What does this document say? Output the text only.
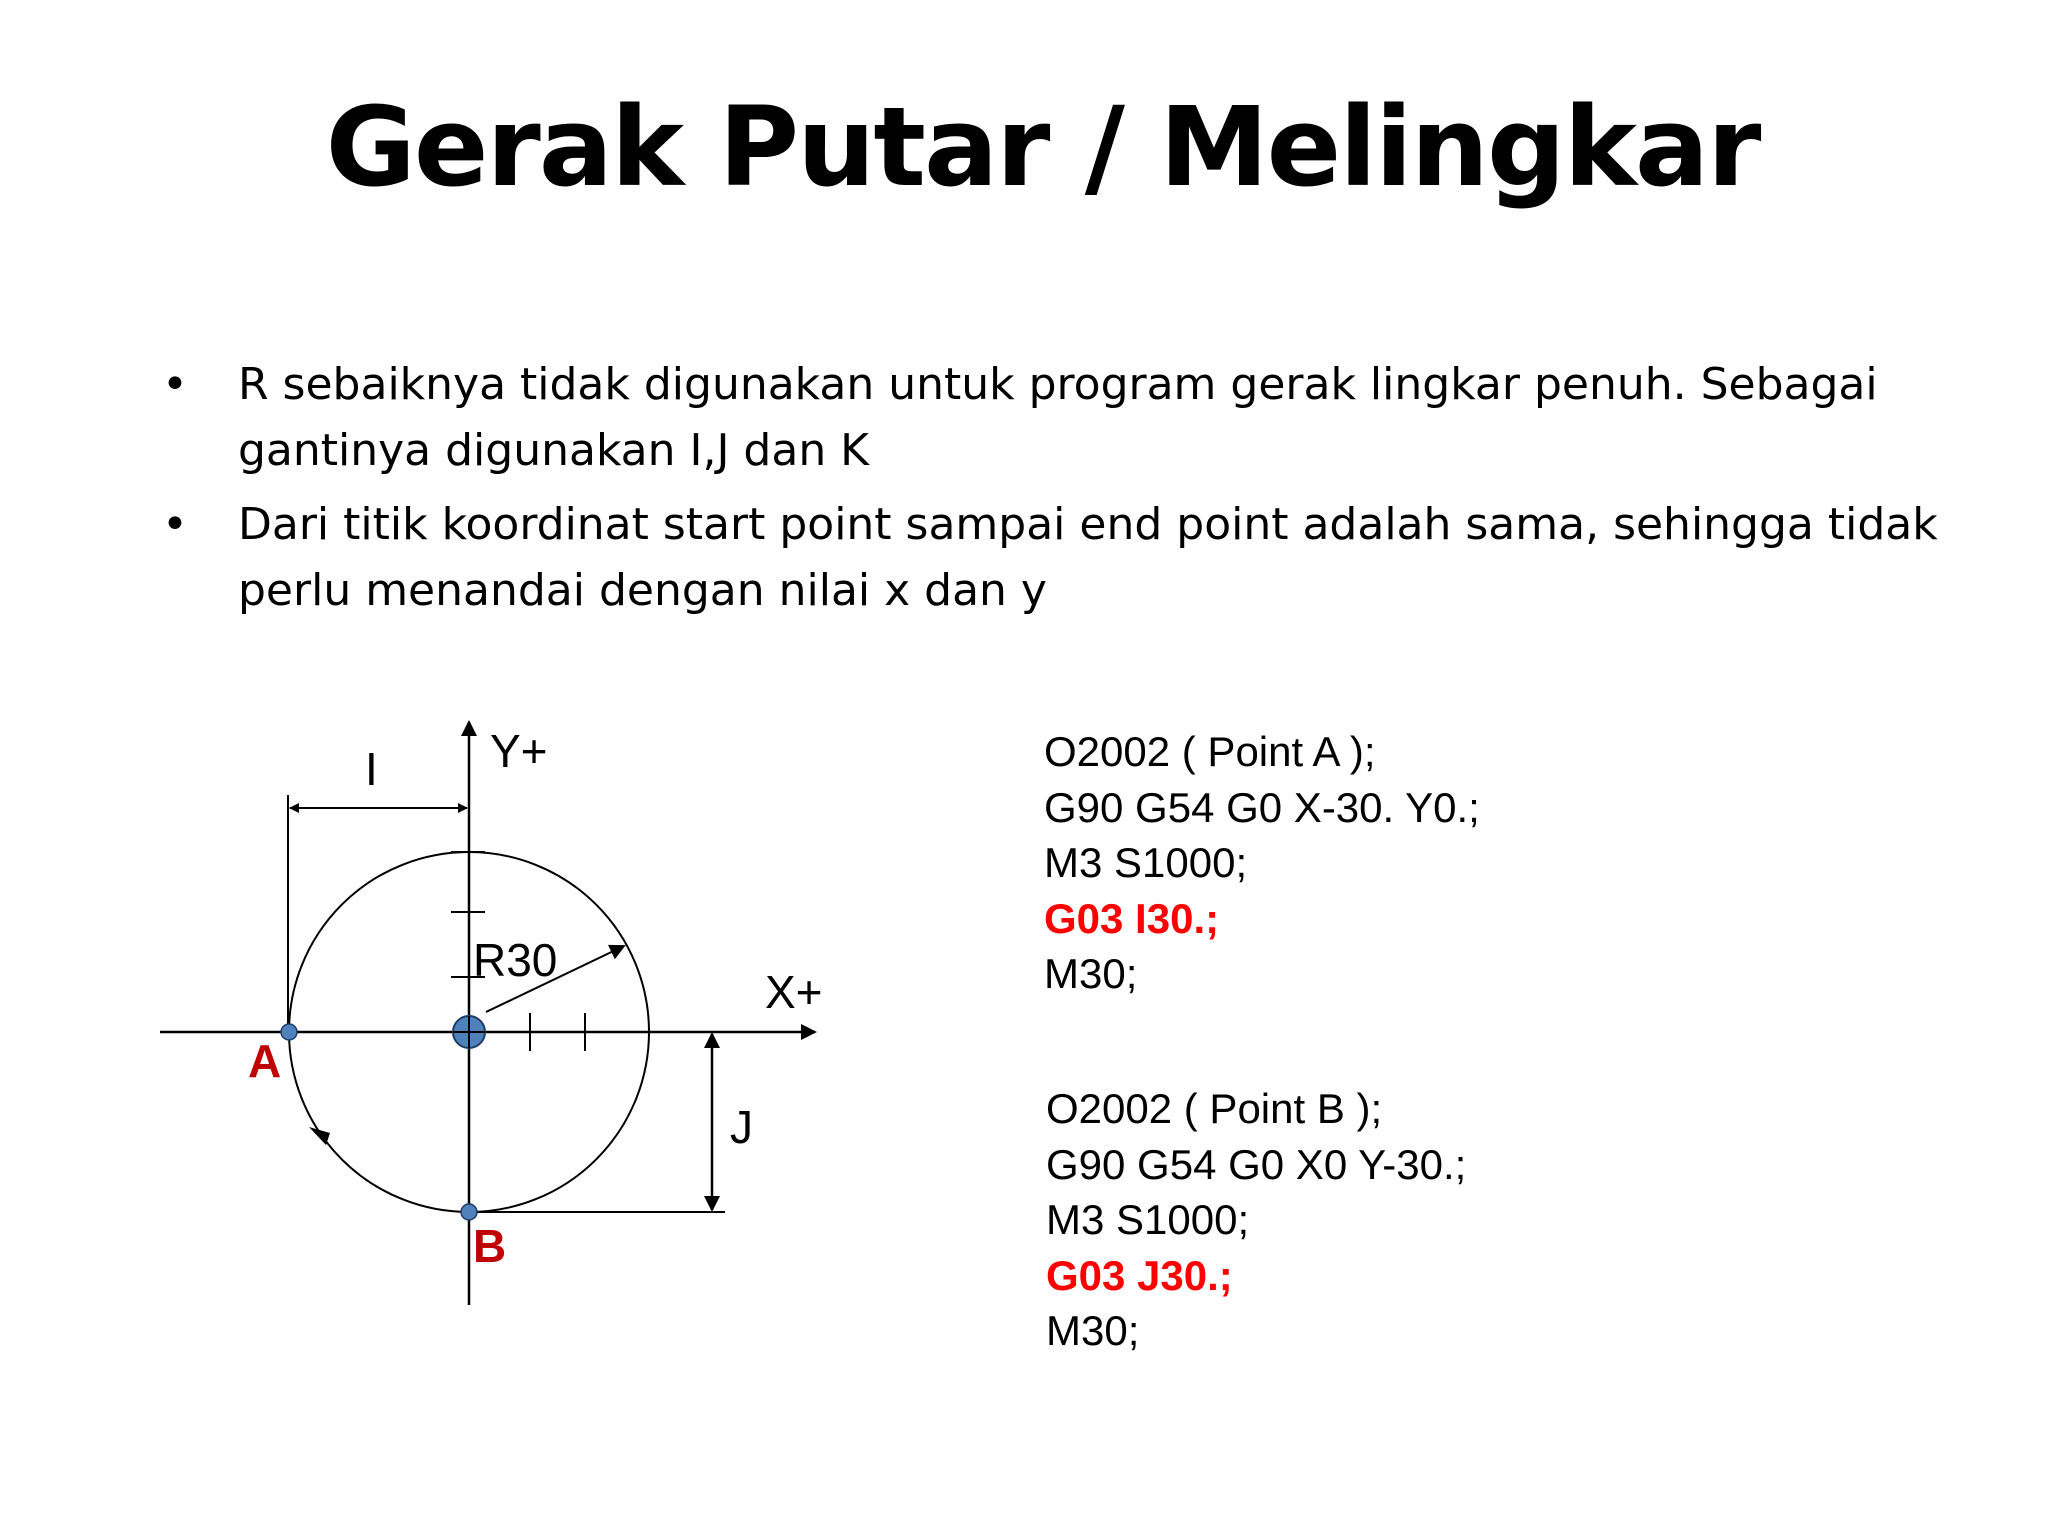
Gerak Putar / Melingkar
• R sebaiknya tidak digunakan untuk program gerak lingkar penuh. Sebagai
gantinya digunakan I,J dan K
• Dari titik koordinat start point sampai end point adalah sama, sehingga tidak
perlu menandai dengan nilai x dan y
Y+
X+
I
J
R30
A
B
O2002 ( Point A );
G90 G54 G0 X-30. Y0.;
M3 S1000;
G03 I30.;
M30;
O2002 ( Point B );
G90 G54 G0 X0 Y-30.;
M3 S1000;
G03 J30.;
M30;
